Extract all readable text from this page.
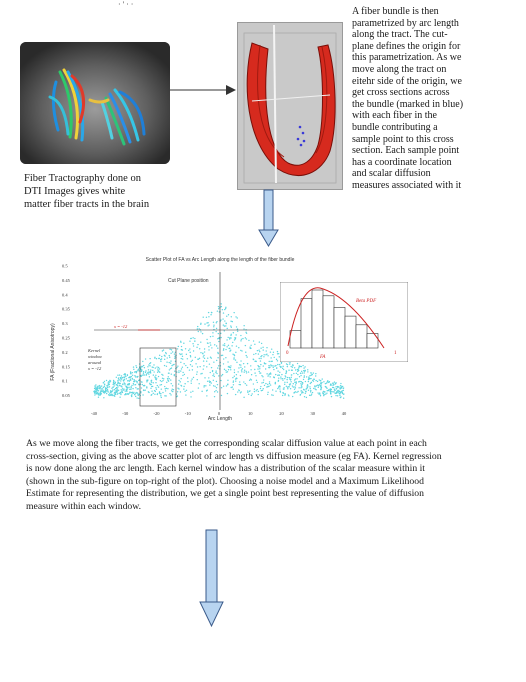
· ' · ·
Fiber Tractography done on
DTI Images gives white
matter fiber tracts in the brain
A fiber bundle is then
parametrized by arc length
along the tract. The cut-
plane defines the origin for
this parametrization. As we
move along the tract on
eitehr side of the origin, we
get cross sections across
the bundle (marked in blue)
with each fiber in the
bundle contributing a
sample point to this cross
section. Each sample point
has a coordinate location
and scalar diffusion
measures associated with it
Scatter Plot of FA vs Arc Length along the length of the fiber bundle
Cut Plane position
FA (Fractional Anisotropy)
Arc Length
-40	-30	-20	-10	0	10	20	30	40
0.5
0.45
0.4
0.35
0.3
0.25
0.2
0.15
0.1
0.05
x = -12
Kernel
window
around
x = -12
Beta PDF
0
FA
1
As we move along the fiber tracts, we get the corresponding scalar diffusion value at each point in each
cross-section, giving as the above scatter plot of arc length vs diffusion measure (eg FA). Kernel regression
is now done along the arc length. Each kernel window has a distribution of the scalar measure within it
(shown in the sub-figure on top-right of the plot). Choosing a noise model and a Maximum Likelihood
Estimate for representing the distribution, we get a single point best representing the value of diffusion
measure within each window.
